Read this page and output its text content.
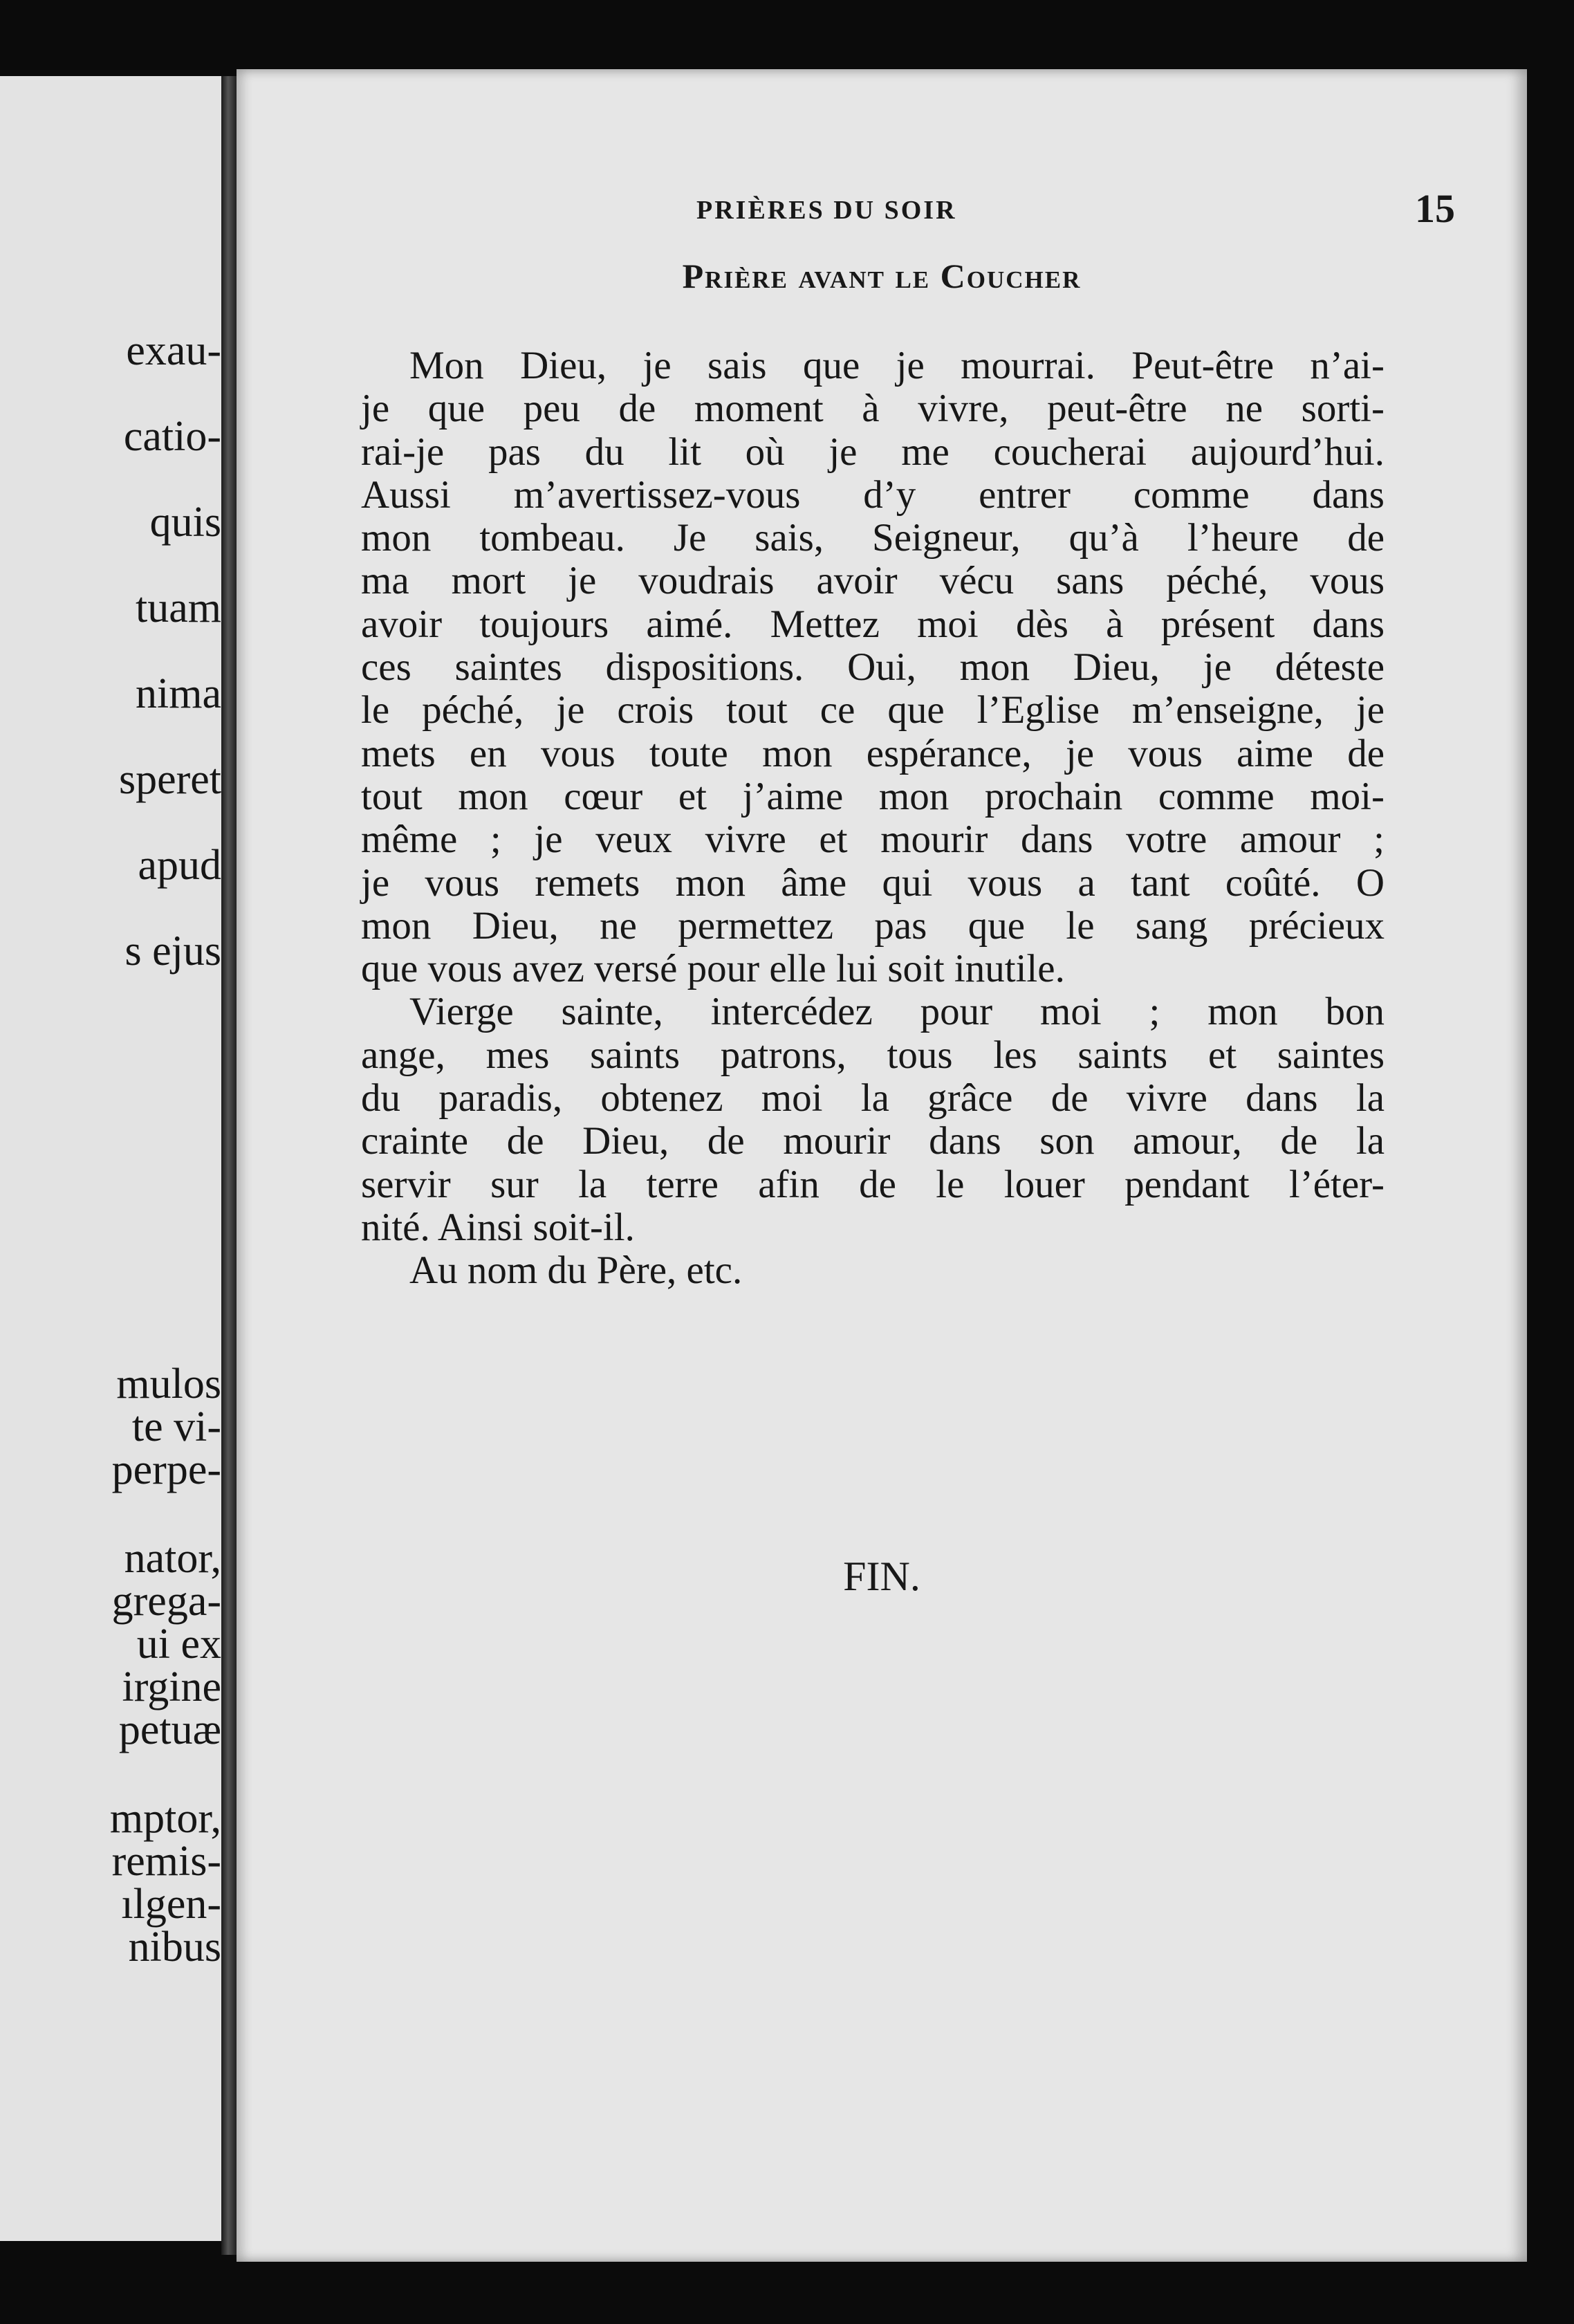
exau-

catio-

quis

tuam

nima

speret

apud

s ejus

mulos

te vi-

perpe-

nator,

grega-

ui ex

irgine

petuæ

mptor,

remis-

ılgen-

nibus

PRIÈRES DU SOIR	15

Prière avant le Coucher

Mon Dieu, je sais que je mourrai. Peut-être n’ai-
je que peu de moment à vivre, peut-être ne sorti-
rai-je pas du lit où je me coucherai aujourd’hui.
Aussi m’avertissez-vous d’y entrer comme dans
mon tombeau. Je sais, Seigneur, qu’à l’heure de
ma mort je voudrais avoir vécu sans péché, vous
avoir toujours aimé. Mettez moi dès à présent dans
ces saintes dispositions. Oui, mon Dieu, je déteste
le péché, je crois tout ce que l’Eglise m’enseigne, je
mets en vous toute mon espérance, je vous aime de
tout mon cœur et j’aime mon prochain comme moi-
même ; je veux vivre et mourir dans votre amour ;
je vous remets mon âme qui vous a tant coûté. O
mon Dieu, ne permettez pas que le sang précieux
que vous avez versé pour elle lui soit inutile.
Vierge sainte, intercédez pour moi ; mon bon
ange, mes saints patrons, tous les saints et saintes
du paradis, obtenez moi la grâce de vivre dans la
crainte de Dieu, de mourir dans son amour, de la
servir sur la terre afin de le louer pendant l’éter-
nité. Ainsi soit-il.
Au nom du Père, etc.

FIN.
